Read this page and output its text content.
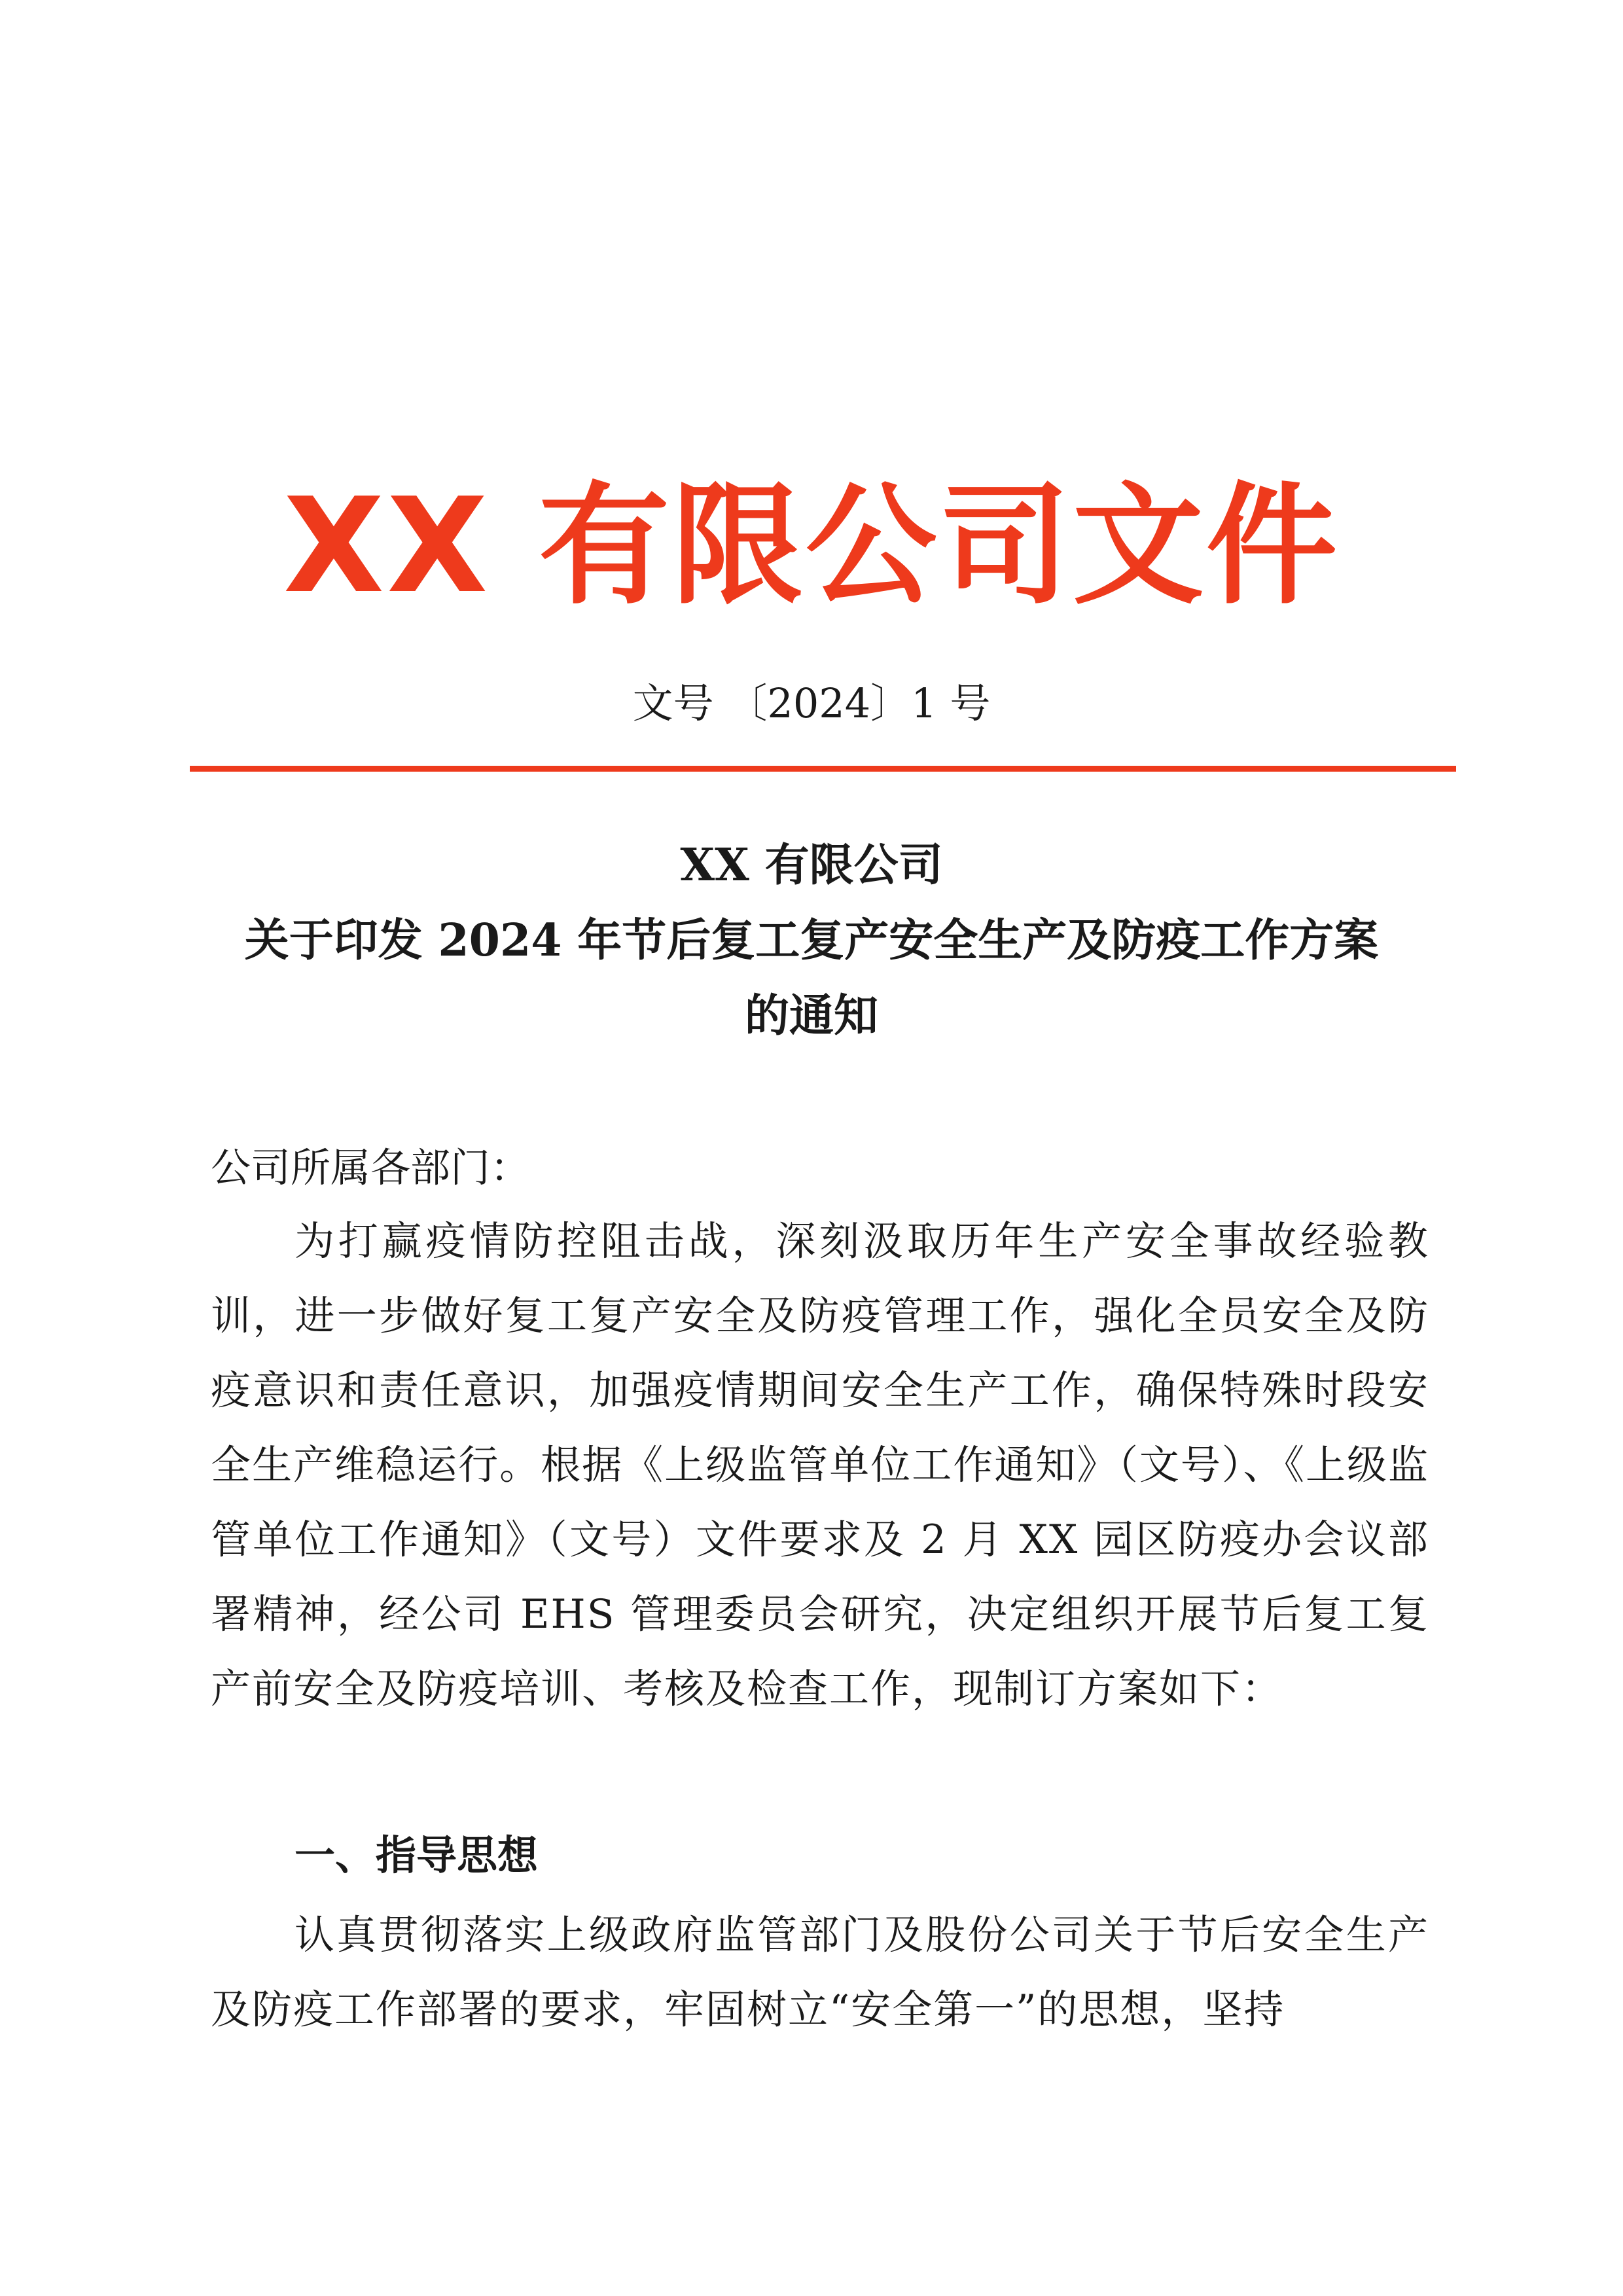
XX 有限公司文件
文号 〔2024〕1 号
XX 有限公司
关于印发 2024 年节后复工复产安全生产及防疫工作方案
的通知
公司所属各部门：
为打赢疫情防控阻击战，深刻汲取历年生产安全事故经验教训，进一步做好复工复产安全及防疫管理工作，强化全员安全及防疫意识和责任意识，加强疫情期间安全生产工作，确保特殊时段安全生产维稳运行。根据《上级监管单位工作通知》（文号）、《上级监管单位工作通知》（文号）文件要求及 2 月 XX 园区防疫办会议部署精神，经公司 EHS 管理委员会研究，决定组织开展节后复工复产前安全及防疫培训、考核及检查工作，现制订方案如下：
一、指导思想
认真贯彻落实上级政府监管部门及股份公司关于节后安全生产及防疫工作部署的要求，牢固树立“安全第一”的思想，坚持
